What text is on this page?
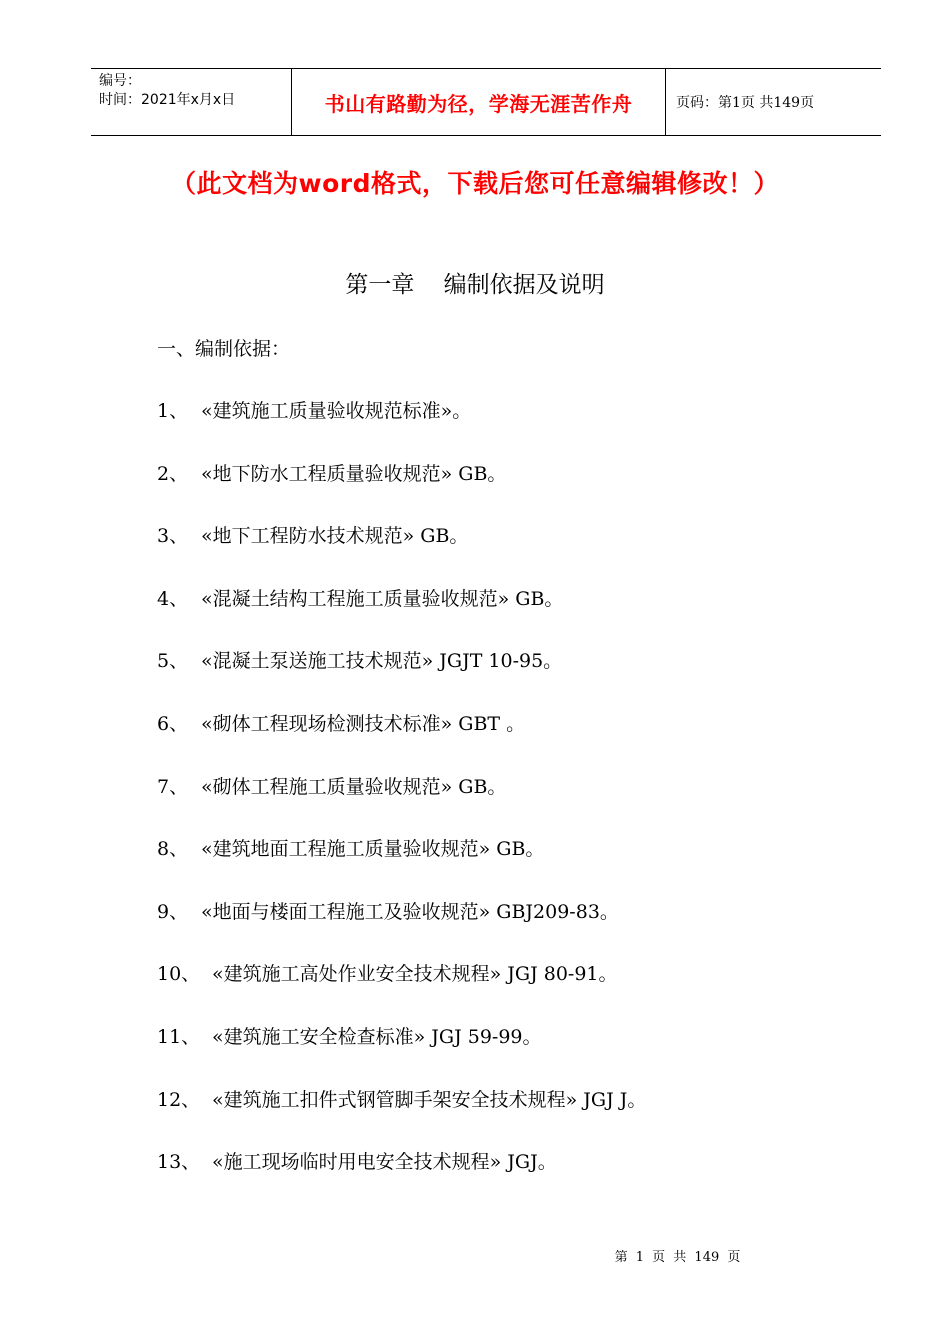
编号：
时间：2021年x月x日	书山有路勤为径，学海无涯苦作舟	页码：第1页 共149页
（此文档为word格式，下载后您可任意编辑修改！）
第一章 编制依据及说明
一、编制依据：
1、 «建筑施工质量验收规范标准»。
2、 «地下防水工程质量验收规范» GB。
3、 «地下工程防水技术规范» GB。
4、 «混凝土结构工程施工质量验收规范» GB。
5、 «混凝土泵送施工技术规范» JGJT 10-95。
6、 «砌体工程现场检测技术标准» GBT 。
7、 «砌体工程施工质量验收规范» GB。
8、 «建筑地面工程施工质量验收规范» GB。
9、 «地面与楼面工程施工及验收规范» GBJ209-83。
10、 «建筑施工高处作业安全技术规程» JGJ 80-91。
11、 «建筑施工安全检查标准» JGJ 59-99。
12、 «建筑施工扣件式钢管脚手架安全技术规程» JGJ J。
13、 «施工现场临时用电安全技术规程» JGJ。
第 1 页 共 149 页
